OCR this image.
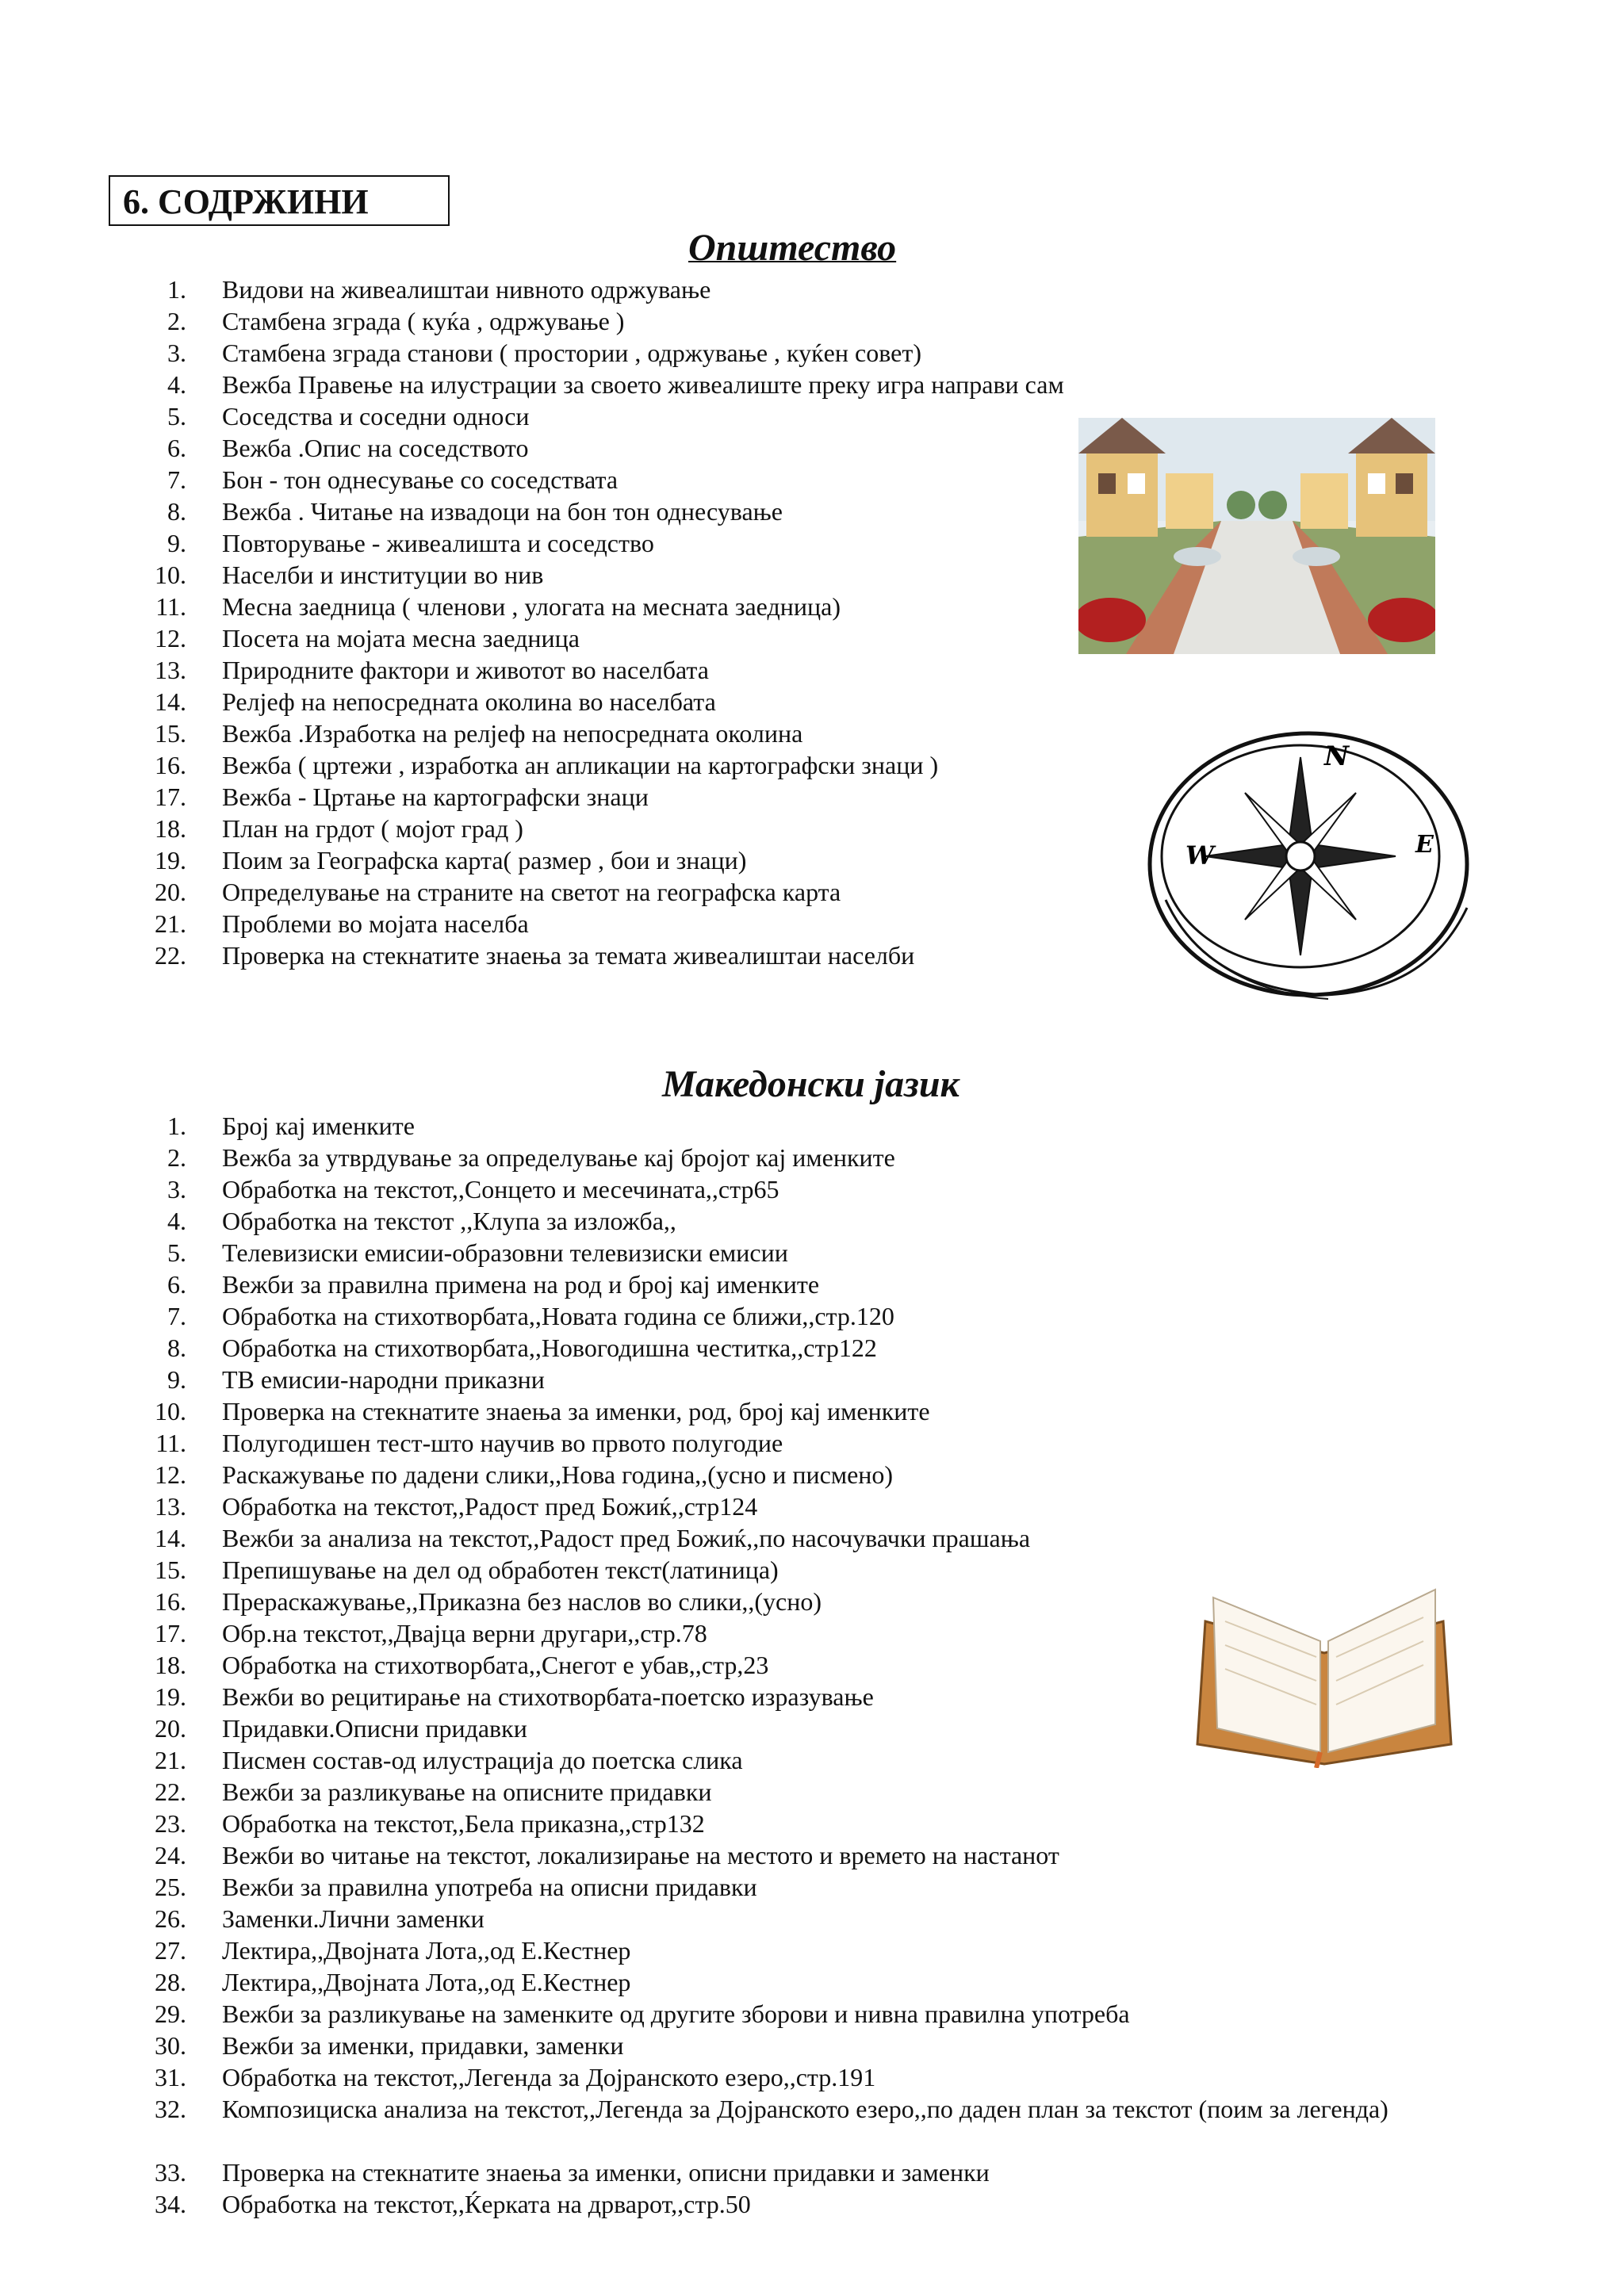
6. СОДРЖИНИ
Општество
1. Видови на живеалиштаи нивното одржување
2. Стамбена зграда ( куќа , одржување )
3. Стамбена зграда станови ( простории , одржување , куќен совет)
4. Вежба Правење на илустрации за своето живеалиште преку игра направи сам
5. Соседства и соседни односи
6. Вежба .Опис на соседството
7. Бон - тон однесување со соседствата
8. Вежба . Читање на извадоци на бон тон однесување
9. Повторување - живеалишта и соседство
10. Населби и институции во нив
11. Месна заедница ( членови , улогата на месната заедница)
12. Посета на мојата месна заедница
13. Природните фактори и животот во населбата
14. Релјеф на непосредната околина во населбата
15. Вежба .Изработка на релјеф на непосредната околина
16. Вежба ( цртежи , изработка ан апликации на картографски знаци )
17. Вежба - Цртање на картографски знаци
18. План на грдот ( мојот град )
19. Поим за Географска карта( размер , бои и знаци)
20. Определување на страните на светот на географска карта
21. Проблеми во мојата населба
22. Проверка на стекнатите знаења за темата живеалиштаи населби
N
W	E
Македонски јазик
1. Број кај именките
2. Вежба за утврдување за определување кај бројот кај именките
3. Обработка на текстот,,Сонцето и месечината,,стр65
4. Обработка на текстот ,,Клупа за изложба,,
5. Телевизиски емисии-образовни телевизиски емисии
6. Вежби за правилна примена на род и број кај именките
7. Обработка на стихотворбата,,Новата година се ближи,,стр.120
8. Обработка на стихотворбата,,Новогодишна честитка,,стр122
9. ТВ емисии-народни приказни
10. Проверка на стекнатите знаења за именки, род, број кај именките
11. Полугодишен тест-што научив во првото полугодие
12. Раскажување по дадени слики,,Нова година,,(усно и писмено)
13. Обработка на текстот,,Радост пред Божиќ,,стр124
14. Вежби за анализа на текстот,,Радост пред Божиќ,,по насочувачки прашања
15. Препишување на дел од обработен текст(латиница)
16. Прераскажување,,Приказна без наслов во слики,,(усно)
17. Обр.на текстот,,Двајца верни другари,,стр.78
18. Обработка на стихотворбата,,Снегот е убав,,стр,23
19. Вежби во рецитирање на стихотворбата-поетско изразување
20. Придавки.Описни придавки
21. Писмен состав-од илустрација до поетска слика
22. Вежби за разликување на описните придавки
23. Обработка на текстот,,Бела приказна,,стр132
24. Вежби во читање на текстот, локализирање на местото и времето на настанот
25. Вежби за правилна употреба на описни придавки
26. Заменки.Лични заменки
27. Лектира,,Двојната Лота,,од Е.Кестнер
28. Лектира,,Двојната Лота,,од Е.Кестнер
29. Вежби за разликување на заменките од другите зборови и нивна правилна употреба
30. Вежби за именки, придавки, заменки
31. Обработка на текстот,,Легенда за Дојранското езеро,,стр.191
32. Композициска анализа на текстот,,Легенда за Дојранското езеро,,по даден план за текстот (поим за легенда)
33. Проверка на стекнатите знаења за именки, описни придавки и заменки
34. Обработка на текстот,,Ќерката на дрварот,,стр.50
